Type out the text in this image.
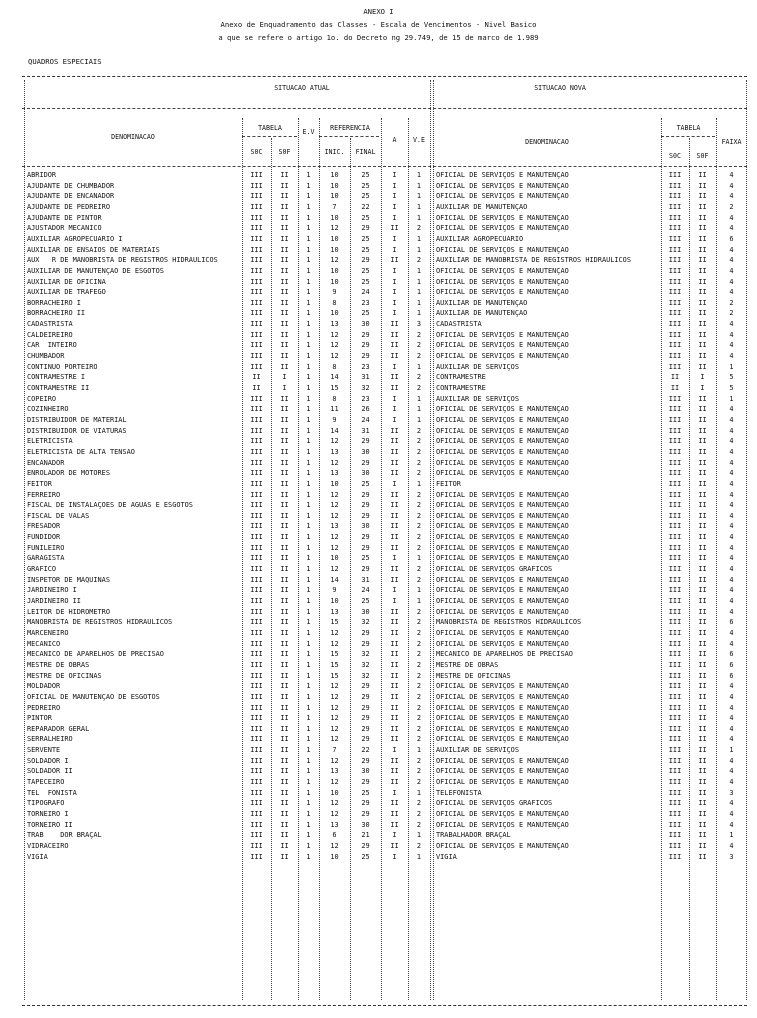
ANEXO I
Anexo de Enquadramento das Classes - Escala de Vencimentos - Nivel Basico
a que se refere o artigo 1o. do Decreto ng 29.749, de 15 de marco de 1.989
QUADROS ESPECIAIS
SITUACAO ATUAL	SITUACAO NOVA
DENOMINACAO
TABELA
S0C	S0F
E.V	REFERENCIA
INIC.	FINAL
A	V.E	DENOMINACAO
TABELA
S0C	S0F
FAIXA
ABRIDOR	III	II	1	10	25	I	1	OFICIAL DE SERVIÇOS E MANUTENÇAO	III	II	4
AJUDANTE DE CHUMBADOR	III	II	1	10	25	I	1	OFICIAL DE SERVIÇOS E MANUTENÇAO	III	II	4
AJUDANTE DE ENCANADOR	III	II	1	10	25	I	1	OFICIAL DE SERVIÇOS E MANUTENÇAO	III	II	4
AJUDANTE DE PEDREIRO	III	II	1	7	22	I	1	AUXILIAR DE MANUTENÇAO	III	II	2
AJUDANTE DE PINTOR	III	II	1	10	25	I	1	OFICIAL DE SERVIÇOS E MANUTENÇAO	III	II	4
AJUSTADOR MECANICO	III	II	1	12	29	II	2	OFICIAL DE SERVIÇOS E MANUTENÇAO	III	II	4
AUXILIAR AGROPECUARIO I	III	II	1	10	25	I	1	AUXILIAR AGROPECUARIO	III	II	6
AUXILIAR DE ENSAIOS DE MATERIAIS	III	II	1	10	25	I	1	OFICIAL DE SERVIÇOS E MANUTENÇAO	III	II	4
AUX   R DE MANOBRISTA DE REGISTROS HIDRAULICOS	III	II	1	12	29	II	2	AUXILIAR DE MANOBRISTA DE REGISTROS HIDRAULICOS	III	II	4
AUXILIAR DE MANUTENÇAO DE ESGOTOS	III	II	1	10	25	I	1	OFICIAL DE SERVIÇOS E MANUTENÇAO	III	II	4
AUXILIAR DE OFICINA	III	II	1	10	25	I	1	OFICIAL DE SERVIÇOS E MANUTENÇAO	III	II	4
AUXILIAR DE TRAFEGO	III	II	1	9	24	I	1	OFICIAL DE SERVIÇOS E MANUTENÇAO	III	II	4
BORRACHEIRO I	III	II	1	8	23	I	1	AUXILIAR DE MANUTENÇAO	III	II	2
BORRACHEIRO II	III	II	1	10	25	I	1	AUXILIAR DE MANUTENÇAO	III	II	2
CADASTRISTA	III	II	1	13	30	II	3	CADASTRISTA	III	II	4
CALDEIREIRO	III	II	1	12	29	II	2	OFICIAL DE SERVIÇOS E MANUTENÇAO	III	II	4
CAR  INTEIRO	III	II	1	12	29	II	2	OFICIAL DE SERVIÇOS E MANUTENÇAO	III	II	4
CHUMBADOR	III	II	1	12	29	II	2	OFICIAL DE SERVIÇOS E MANUTENÇAO	III	II	4
CONTINUO PORTEIRO	III	II	1	8	23	I	1	AUXILIAR DE SERVIÇOS	III	II	1
CONTRAMESTRE I	II	I	1	14	31	II	2	CONTRAMESTRE	II	I	5
CONTRAMESTRE II	II	I	1	15	32	II	2	CONTRAMESTRE	II	I	5
COPEIRO	III	II	1	8	23	I	1	AUXILIAR DE SERVIÇOS	III	II	1
COZINHEIRO	III	II	1	11	26	I	1	OFICIAL DE SERVIÇOS E MANUTENÇAO	III	II	4
DISTRIBUIDOR DE MATERIAL	III	II	1	9	24	I	1	OFICIAL DE SERVIÇOS E MANUTENÇAO	III	II	4
DISTRIBUIDOR DE VIATURAS	III	II	1	14	31	II	2	OFICIAL DE SERVIÇOS E MANUTENÇAO	III	II	4
ELETRICISTA	III	II	1	12	29	II	2	OFICIAL DE SERVIÇOS E MANUTENÇAO	III	II	4
ELETRICISTA DE ALTA TENSAO	III	II	1	13	30	II	2	OFICIAL DE SERVIÇOS E MANUTENÇAO	III	II	4
ENCANADOR	III	II	1	12	29	II	2	OFICIAL DE SERVIÇOS E MANUTENÇAO	III	II	4
ENROLADOR DE MOTORES	III	II	1	13	30	II	2	OFICIAL DE SERVIÇOS E MANUTENÇAO	III	II	4
FEITOR	III	II	1	10	25	I	1	FEITOR	III	II	4
FERREIRO	III	II	1	12	29	II	2	OFICIAL DE SERVIÇOS E MANUTENÇAO	III	II	4
FISCAL DE INSTALAÇOES DE AGUAS E ESGOTOS	III	II	1	12	29	II	2	OFICIAL DE SERVIÇOS E MANUTENÇAO	III	II	4
FISCAL DE VALAS	III	II	1	12	29	II	2	OFICIAL DE SERVIÇOS E MANUTENÇAO	III	II	4
FRESADOR	III	II	1	13	30	II	2	OFICIAL DE SERVIÇOS E MANUTENÇAO	III	II	4
FUNDIDOR	III	II	1	12	29	II	2	OFICIAL DE SERVIÇOS E MANUTENÇAO	III	II	4
FUNILEIRO	III	II	1	12	29	II	2	OFICIAL DE SERVIÇOS E MANUTENÇAO	III	II	4
GARAGISTA	III	II	1	10	25	I	1	OFICIAL DE SERVIÇOS E MANUTENÇAO	III	II	4
GRAFICO	III	II	1	12	29	II	2	OFICIAL DE SERVIÇOS GRAFICOS	III	II	4
INSPETOR DE MAQUINAS	III	II	1	14	31	II	2	OFICIAL DE SERVIÇOS E MANUTENÇAO	III	II	4
JARDINEIRO I	III	II	1	9	24	I	1	OFICIAL DE SERVIÇOS E MANUTENÇAO	III	II	4
JARDINEIRO II	III	II	1	10	25	I	1	OFICIAL DE SERVIÇOS E MANUTENÇAO	III	II	4
LEITOR DE HIDROMETRO	III	II	1	13	30	II	2	OFICIAL DE SERVIÇOS E MANUTENÇAO	III	II	4
MANOBRISTA DE REGISTROS HIDRAULICOS	III	II	1	15	32	II	2	MANOBRISTA DE REGISTROS HIDRAULICOS	III	II	6
MARCENEIRO	III	II	1	12	29	II	2	OFICIAL DE SERVIÇOS E MANUTENÇAO	III	II	4
MECANICO	III	II	1	12	29	II	2	OFICIAL DE SERVIÇOS E MANUTENÇAO	III	II	4
MECANICO DE APARELHOS DE PRECISAO	III	II	1	15	32	II	2	MECANICO DE APARELHOS DE PRECISAO	III	II	6
MESTRE DE OBRAS	III	II	1	15	32	II	2	MESTRE DE OBRAS	III	II	6
MESTRE DE OFICINAS	III	II	1	15	32	II	2	MESTRE DE OFICINAS	III	II	6
MOLDADOR	III	II	1	12	29	II	2	OFICIAL DE SERVIÇOS E MANUTENÇAO	III	II	4
OFICIAL DE MANUTENÇAO DE ESGOTOS	III	II	1	12	29	II	2	OFICIAL DE SERVIÇOS E MANUTENÇAO	III	II	4
PEDREIRO	III	II	1	12	29	II	2	OFICIAL DE SERVIÇOS E MANUTENÇAO	III	II	4
PINTOR	III	II	1	12	29	II	2	OFICIAL DE SERVIÇOS E MANUTENÇAO	III	II	4
REPARADOR GERAL	III	II	1	12	29	II	2	OFICIAL DE SERVIÇOS E MANUTENÇAO	III	II	4
SERRALHEIRO	III	II	1	12	29	II	2	OFICIAL DE SERVIÇOS E MANUTENÇAO	III	II	4
SERVENTE	III	II	1	7	22	I	1	AUXILIAR DE SERVIÇOS	III	II	1
SOLDADOR I	III	II	1	12	29	II	2	OFICIAL DE SERVIÇOS E MANUTENÇAO	III	II	4
SOLDADOR II	III	II	1	13	30	II	2	OFICIAL DE SERVIÇOS E MANUTENÇAO	III	II	4
TAPECEIRO	III	II	1	12	29	II	2	OFICIAL DE SERVIÇOS E MANUTENÇAO	III	II	4
TEL  FONISTA	III	II	1	10	25	I	1	TELEFONISTA	III	II	3
TIPOGRAFO	III	II	1	12	29	II	2	OFICIAL DE SERVIÇOS GRAFICOS	III	II	4
TORNEIRO I	III	II	1	12	29	II	2	OFICIAL DE SERVIÇOS E MANUTENÇAO	III	II	4
TORNEIRO II	III	II	1	13	30	II	2	OFICIAL DE SERVIÇOS E MANUTENÇAO	III	II	4
TRAB    DOR BRAÇAL	III	II	1	6	21	I	1	TRABALHADOR BRAÇAL	III	II	1
VIDRACEIRO	III	II	1	12	29	II	2	OFICIAL DE SERVIÇOS E MANUTENÇAO	III	II	4
VIGIA	III	II	1	10	25	I	1	VIGIA	III	II	3
